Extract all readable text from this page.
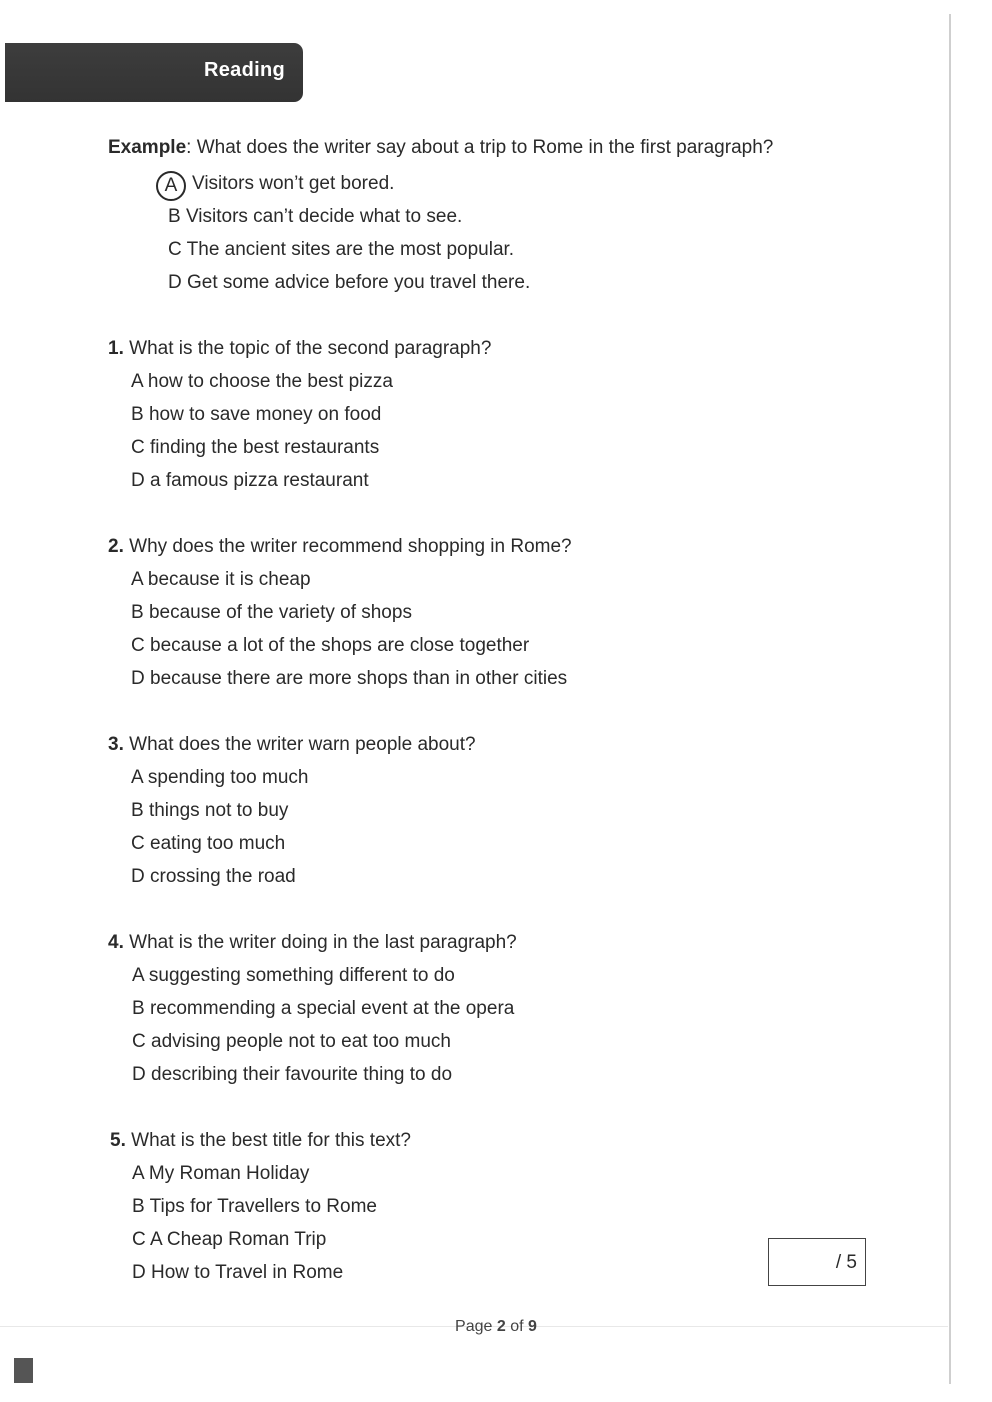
Reading
Example: What does the writer say about a trip to Rome in the first paragraph?
A Visitors won’t get bored.
B Visitors can’t decide what to see.
C The ancient sites are the most popular.
D Get some advice before you travel there.
1. What is the topic of the second paragraph?
A how to choose the best pizza
B how to save money on food
C finding the best restaurants
D a famous pizza restaurant
2. Why does the writer recommend shopping in Rome?
A because it is cheap
B because of the variety of shops
C because a lot of the shops are close together
D because there are more shops than in other cities
3. What does the writer warn people about?
A spending too much
B things not to buy
C eating too much
D crossing the road
4. What is the writer doing in the last paragraph?
A suggesting something different to do
B recommending a special event at the opera
C advising people not to eat too much
D describing their favourite thing to do
5. What is the best title for this text?
A My Roman Holiday
B Tips for Travellers to Rome
C A Cheap Roman Trip
D How to Travel in Rome	/ 5
Page 2 of 9
